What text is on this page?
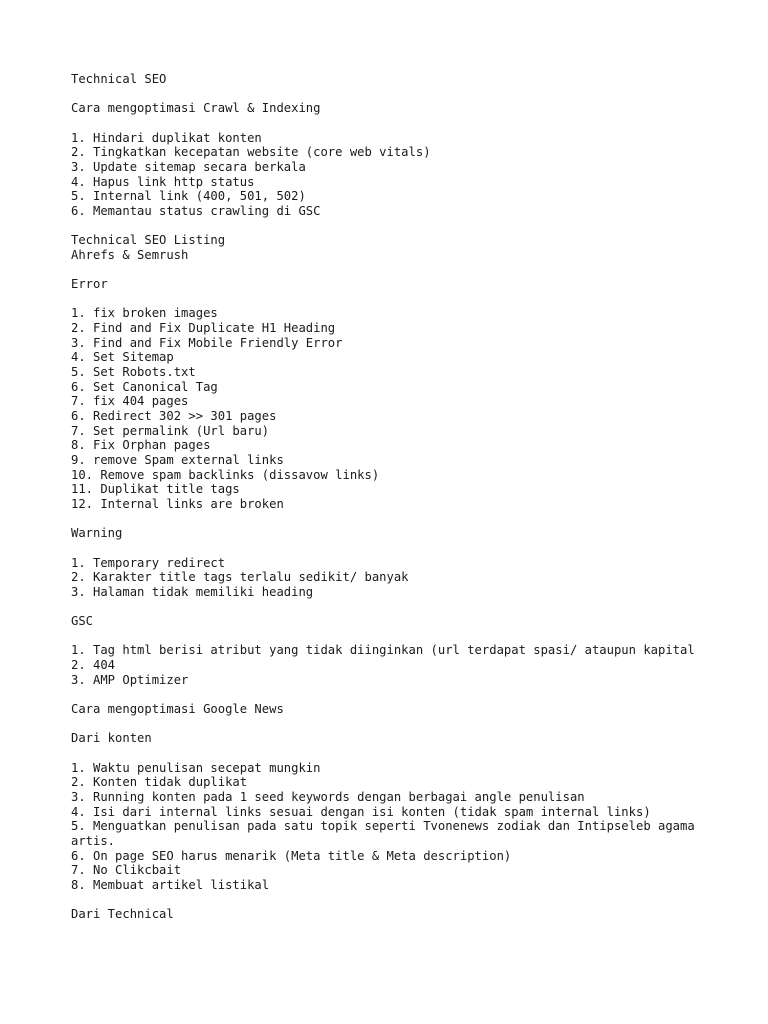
Technical SEO
Cara mengoptimasi Crawl & Indexing
1. Hindari duplikat konten
2. Tingkatkan kecepatan website (core web vitals)
3. Update sitemap secara berkala
4. Hapus link http status
5. Internal link (400, 501, 502)
6. Memantau status crawling di GSC
Technical SEO Listing
Ahrefs & Semrush
Error
1. fix broken images
2. Find and Fix Duplicate H1 Heading
3. Find and Fix Mobile Friendly Error
4. Set Sitemap
5. Set Robots.txt
6. Set Canonical Tag
7. fix 404 pages
6. Redirect 302 >> 301 pages
7. Set permalink (Url baru)
8. Fix Orphan pages
9. remove Spam external links
10. Remove spam backlinks (dissavow links)
11. Duplikat title tags
12. Internal links are broken
Warning
1. Temporary redirect
2. Karakter title tags terlalu sedikit/ banyak
3. Halaman tidak memiliki heading
GSC
1. Tag html berisi atribut yang tidak diinginkan (url terdapat spasi/ ataupun kapital
2. 404
3. AMP Optimizer
Cara mengoptimasi Google News
Dari konten
1. Waktu penulisan secepat mungkin
2. Konten tidak duplikat
3. Running konten pada 1 seed keywords dengan berbagai angle penulisan
4. Isi dari internal links sesuai dengan isi konten (tidak spam internal links)
5. Menguatkan penulisan pada satu topik seperti Tvonenews zodiak dan Intipseleb agama artis.
6. On page SEO harus menarik (Meta title & Meta description)
7. No Clikcbait
8. Membuat artikel listikal
Dari Technical
